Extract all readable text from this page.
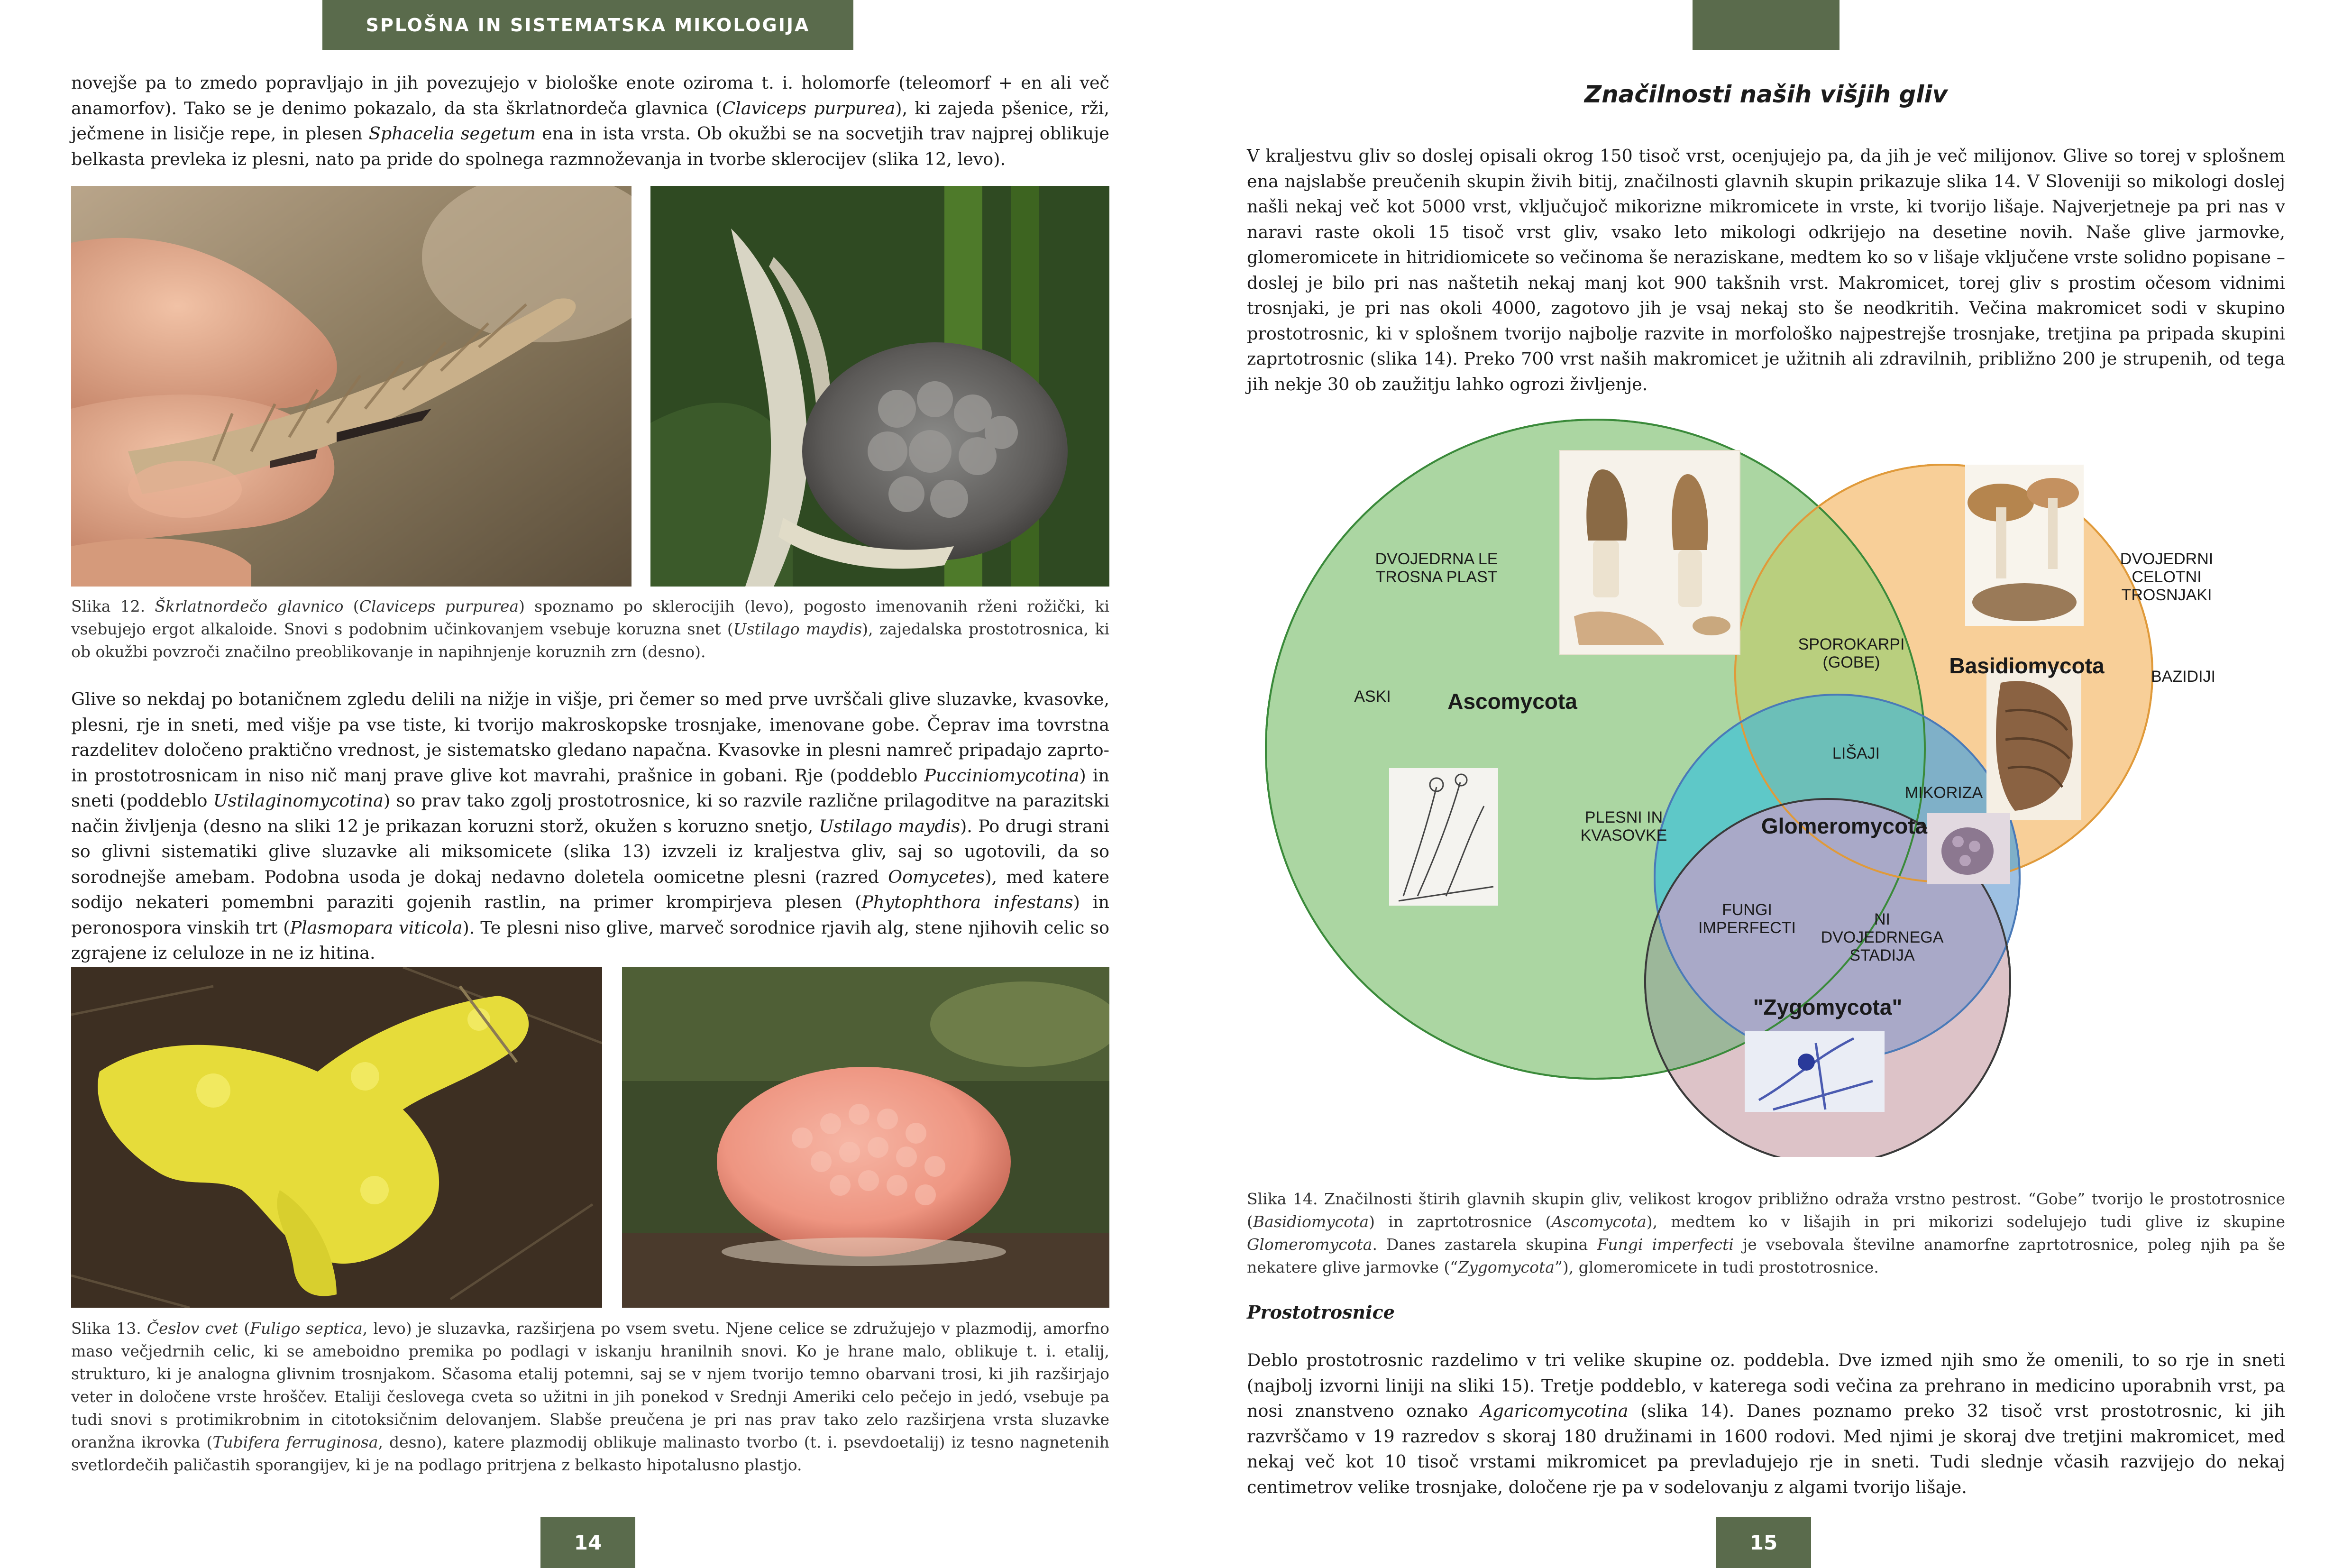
SPLOŠNA IN SISTEMATSKA MIKOLOGIJA
novejše pa to zmedo popravljajo in jih povezujejo v biološke enote oziroma t. i. holomorfe (teleomorf + en ali več anamorfov). Tako se je denimo pokazalo, da sta škrlatnordeča glavnica (Claviceps purpurea), ki zajeda pšenice, rži, ječmene in lisičje repe, in plesen Sphacelia segetum ena in ista vrsta. Ob okužbi se na socvetjih trav najprej oblikuje belkasta prevleka iz plesni, nato pa pride do spolnega razmnoževanja in tvorbe sklerocijev (slika 12, levo).
Slika 12. Škrlatnordečo glavnico (Claviceps purpurea) spoznamo po sklerocijih (levo), pogosto imenovanih rženi rožički, ki vsebujejo ergot alkaloide. Snovi s podobnim učinkovanjem vsebuje koruzna snet (Ustilago maydis), zajedalska prostotrosnica, ki ob okužbi povzroči značilno preoblikovanje in napihnjenje koruznih zrn (desno).
Glive so nekdaj po botaničnem zgledu delili na nižje in višje, pri čemer so med prve uvrščali glive sluzavke, kvasovke, plesni, rje in sneti, med višje pa vse tiste, ki tvorijo makroskopske trosnjake, imenovane gobe. Čeprav ima tovrstna razdelitev določeno praktično vrednost, je sistematsko gledano napačna. Kvasovke in plesni namreč pripadajo zaprto- in prostotrosnicam in niso nič manj prave glive kot mavrahi, prašnice in gobani. Rje (poddeblo Pucciniomycotina) in sneti (poddeblo Ustilaginomycotina) so prav tako zgolj prostotrosnice, ki so razvile različne prilagoditve na parazitski način življenja (desno na sliki 12 je prikazan koruzni storž, okužen s koruzno snetjo, Ustilago maydis). Po drugi strani so glivni sistematiki glive sluzavke ali miksomicete (slika 13) izvzeli iz kraljestva gliv, saj so ugotovili, da so sorodnejše amebam. Podobna usoda je dokaj nedavno doletela oomicetne plesni (razred Oomycetes), med katere sodijo nekateri pomembni paraziti gojenih rastlin, na primer krompirjeva plesen (Phytophthora infestans) in peronospora vinskih trt (Plasmopara viticola). Te plesni niso glive, marveč sorodnice rjavih alg, stene njihovih celic so zgrajene iz celuloze in ne iz hitina.
Slika 13. Česlov cvet (Fuligo septica, levo) je sluzavka, razširjena po vsem svetu. Njene celice se združujejo v plazmodij, amorfno maso večjedrnih celic, ki se ameboidno premika po podlagi v iskanju hranilnih snovi. Ko je hrane malo, oblikuje t. i. etalij, strukturo, ki je analogna glivnim trosnjakom. Sčasoma etalij potemni, saj se v njem tvorijo temno obarvani trosi, ki jih razširjajo veter in določene vrste hroščev. Etaliji česlovega cveta so užitni in jih ponekod v Srednji Ameriki celo pečejo in jedó, vsebuje pa tudi snovi s protimikrobnim in citotoksičnim delovanjem. Slabše preučena je pri nas prav tako zelo razširjena vrsta sluzavke oranžna ikrovka (Tubifera ferruginosa, desno), katere plazmodij oblikuje malinasto tvorbo (t. i. psevdoetalij) iz tesno nagnetenih svetlordečih paličastih sporangijev, ki je na podlago pritrjena z belkasto hipotalusno plastjo.
14
Značilnosti naših višjih gliv
V kraljestvu gliv so doslej opisali okrog 150 tisoč vrst, ocenjujejo pa, da jih je več milijonov. Glive so torej v splošnem ena najslabše preučenih skupin živih bitij, značilnosti glavnih skupin prikazuje slika 14. V Sloveniji so mikologi doslej našli nekaj več kot 5000 vrst, vključujoč mikorizne mikromicete in vrste, ki tvorijo lišaje. Najverjetneje pa pri nas v naravi raste okoli 15 tisoč vrst gliv, vsako leto mikologi odkrijejo na desetine novih. Naše glive jarmovke, glomeromicete in hitridiomicete so večinoma še neraziskane, medtem ko so v lišaje vključene vrste solidno popisane – doslej je bilo pri nas naštetih nekaj manj kot 900 takšnih vrst. Makromicet, torej gliv s prostim očesom vidnimi trosnjaki, je pri nas okoli 4000, zagotovo jih je vsaj nekaj sto še neodkritih. Večina makromicet sodi v skupino prostotrosnic, ki v splošnem tvorijo najbolje razvite in morfološko najpestrejše trosnjake, tretjina pa pripada skupini zaprtotrosnic (slika 14). Preko 700 vrst naših makromicet je užitnih ali zdravilnih, približno 200 je strupenih, od tega jih nekje 30 ob zaužitju lahko ogrozi življenje.
Ascomycota
Basidiomycota
Glomeromycota
"Zygomycota"
DVOJEDRNA LE
TROSNA PLAST
ASKI
PLESNI IN
KVASOVKE
SPOROKARPI
(GOBE)
DVOJEDRNI
CELOTNI
TROSNJAKI
BAZIDIJI
LIŠAJI
MIKORIZA
FUNGI
IMPERFECTI	NI
DVOJEDRNEGA
STADIJA
Slika 14. Značilnosti štirih glavnih skupin gliv, velikost krogov približno odraža vrstno pestrost. “Gobe” tvorijo le prostotrosnice (Basidiomycota) in zaprtotrosnice (Ascomycota), medtem ko v lišajih in pri mikorizi sodelujejo tudi glive iz skupine Glomeromycota. Danes zastarela skupina Fungi imperfecti je vsebovala številne anamorfne zaprtotrosnice, poleg njih pa še nekatere glive jarmovke (“Zygomycota”), glomeromicete in tudi prostotrosnice.
Prostotrosnice
Deblo prostotrosnic razdelimo v tri velike skupine oz. poddebla. Dve izmed njih smo že omenili, to so rje in sneti (najbolj izvorni liniji na sliki 15). Tretje poddeblo, v katerega sodi večina za prehrano in medicino uporabnih vrst, pa nosi znanstveno oznako Agaricomycotina (slika 14). Danes poznamo preko 32 tisoč vrst prostotrosnic, ki jih razvrščamo v 19 razredov s skoraj 180 družinami in 1600 rodovi. Med njimi je skoraj dve tretjini makromicet, med nekaj več kot 10 tisoč vrstami mikromicet pa prevladujejo rje in sneti. Tudi slednje včasih razvijejo do nekaj centimetrov velike trosnjake, določene rje pa v sodelovanju z algami tvorijo lišaje.
15
